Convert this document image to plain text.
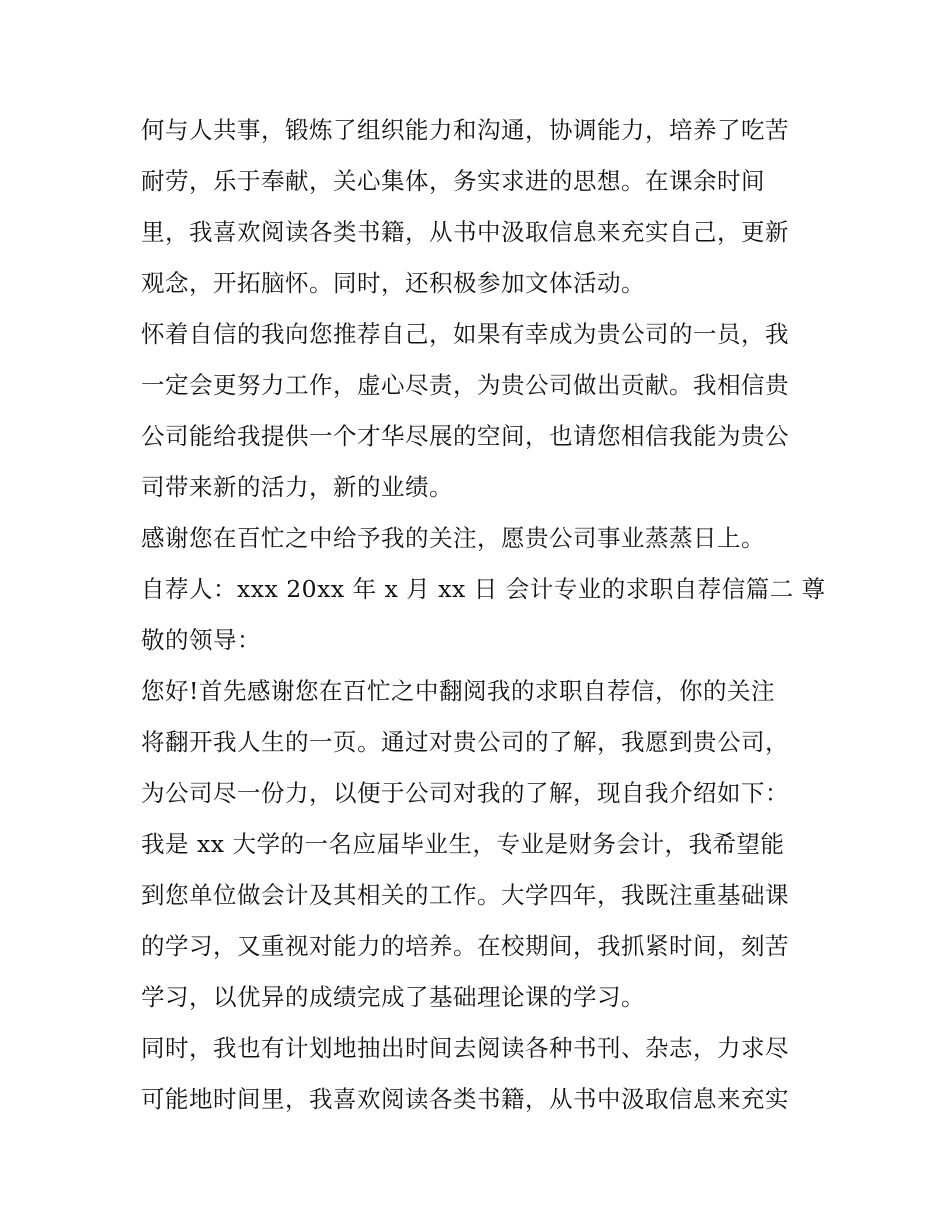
何与人共事，锻炼了组织能力和沟通，协调能力，培养了吃苦
耐劳，乐于奉献，关心集体，务实求进的思想。在课余时间
里，我喜欢阅读各类书籍，从书中汲取信息来充实自己，更新
观念，开拓脑怀。同时，还积极参加文体活动。
怀着自信的我向您推荐自己，如果有幸成为贵公司的一员，我
一定会更努力工作，虚心尽责，为贵公司做出贡献。我相信贵
公司能给我提供一个才华尽展的空间，也请您相信我能为贵公
司带来新的活力，新的业绩。
感谢您在百忙之中给予我的关注，愿贵公司事业蒸蒸日上。
自荐人：xxx 20xx 年 x 月 xx 日 会计专业的求职自荐信篇二 尊
敬的领导：
您好!首先感谢您在百忙之中翻阅我的求职自荐信，你的关注
将翻开我人生的一页。通过对贵公司的了解，我愿到贵公司，
为公司尽一份力，以便于公司对我的了解，现自我介绍如下：
我是 xx 大学的一名应届毕业生，专业是财务会计，我希望能
到您单位做会计及其相关的工作。大学四年，我既注重基础课
的学习，又重视对能力的培养。在校期间，我抓紧时间，刻苦
学习，以优异的成绩完成了基础理论课的学习。
同时，我也有计划地抽出时间去阅读各种书刊、杂志，力求尽
可能地时间里，我喜欢阅读各类书籍，从书中汲取信息来充实
